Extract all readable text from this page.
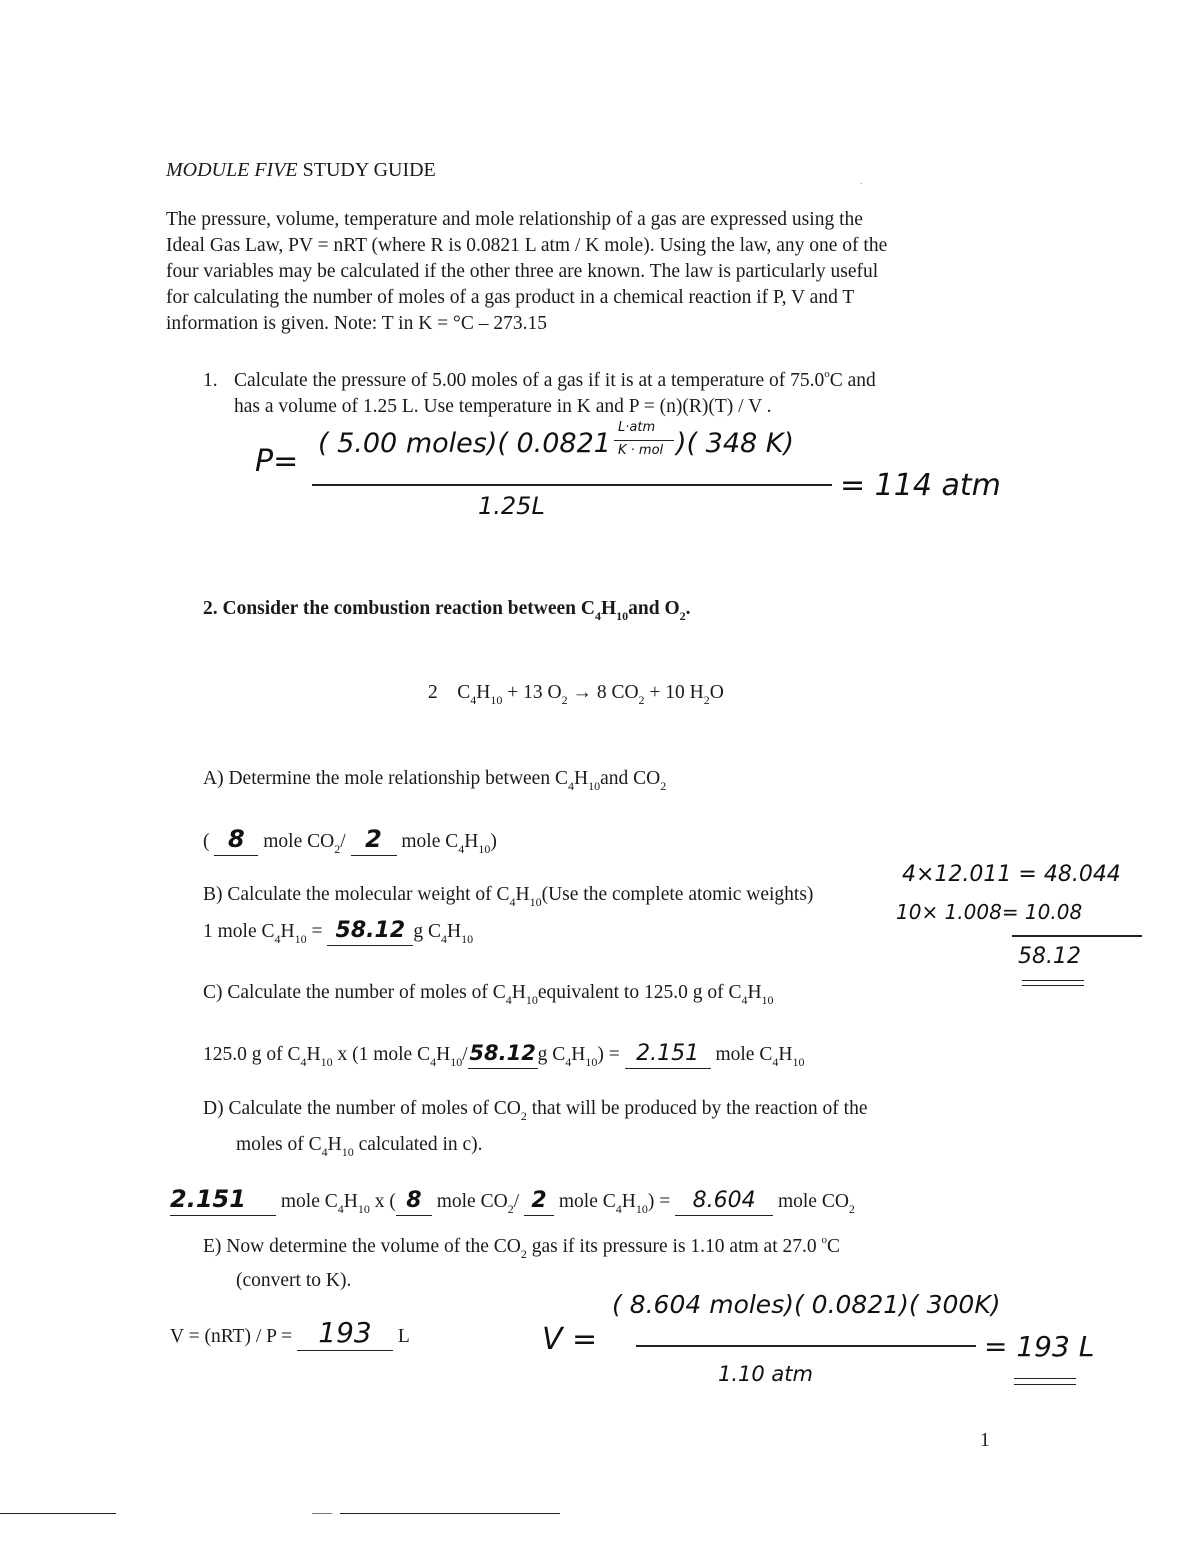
MODULE FIVE STUDY GUIDE
.
The pressure, volume, temperature and mole relationship of a gas are expressed using the
Ideal Gas Law, PV = nRT (where R is 0.0821 L atm / K mole). Using the law, any one of the
four variables may be calculated if the other three are known. The law is particularly useful
for calculating the number of moles of a gas product in a chemical reaction if P, V and T
information is given. Note: T in K = °C – 273.15
1. Calculate the pressure of 5.00 moles of a gas if it is at a temperature of 75.0$^o$C and
has a volume of 1.25 L. Use temperature in K and P = (n)(R)(T) / V .
P=
( 5.00 moles)( 0.0821
L·atm
K · mol )( 348 K)
1.25L
= 114 atm
2. Consider the combustion reaction between $C_4H_{10}and$ $O_2$.
2 $C_4H_{10} + 13$ $O_2 \to 8$ $CO_2 + 10$ $H_2O$
A) Determine the mole relationship between $C_4H_{10}and$ $CO_2$
( 8 mole $CO_2/$ 2 mole $C_4H_{10}$)
B) Calculate the molecular weight of $C_4H_{10}(Use$ the complete atomic weights)
1 mole $C_4H_{10} = 58.12$ g $C_4H_{10}$
4×12.011 = 48.044
10× 1.008= 10.08
58.12
C) Calculate the number of moles of $C_4H_{10}equivalent$ to 125.0 g of $C_4H_{10}$
125.0 g of $C_4H_{10}$ x (1 mole $C_4H_{10}/58.12g$ $C_4H_{10}) = 2.151$ mole $C_4H_{10}$
D) Calculate the number of moles of $CO_2$ that will be produced by the reaction of the
moles of $C_4H_{10}$ calculated in c).
2.151 mole $C_4H_{10}$ x ( 8 mole $CO_2/$ 2 mole $C_4H_{10}) = 8.604$ mole $CO_2$
E) Now determine the volume of the $CO_2$ gas if its pressure is 1.10 atm at 27.0 $^o$C
(convert to K).
V = (nRT) / P = 193 L	V =
( 8.604 moles)( 0.0821)( 300K)
1.10 atm
= 193 L
1
